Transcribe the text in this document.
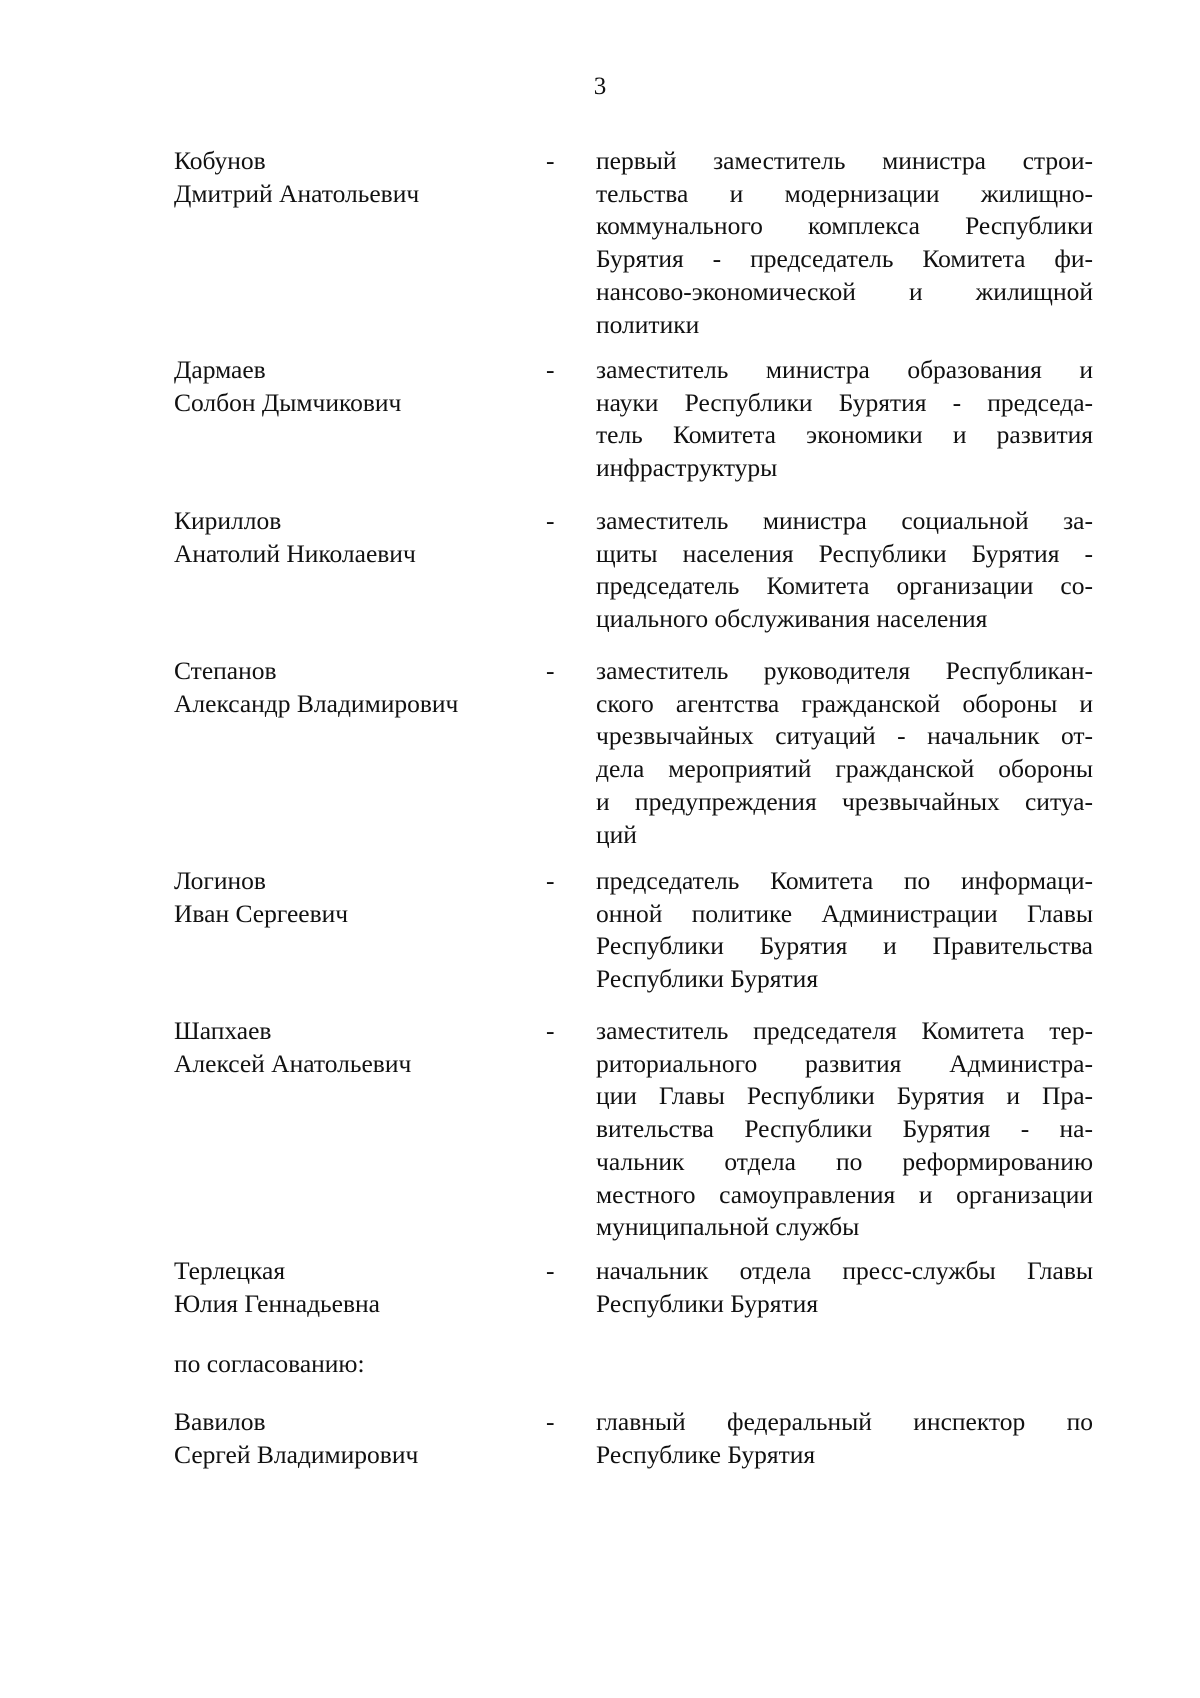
3
Кобунов
Дмитрий Анатольевич
-	первый заместитель министра строи-
тельства и модернизации жилищно-
коммунального комплекса Республики
Бурятия - председатель Комитета фи-
нансово-экономической и жилищной
политики
Дармаев
Солбон Дымчикович
-	заместитель министра образования и
науки Республики Бурятия - председа-
тель Комитета экономики и развития
инфраструктуры
Кириллов
Анатолий Николаевич
-	заместитель министра социальной за-
щиты населения Республики Бурятия -
председатель Комитета организации со-
циального обслуживания населения
Степанов
Александр Владимирович
-	заместитель руководителя Республикан-
ского агентства гражданской обороны и
чрезвычайных ситуаций - начальник от-
дела мероприятий гражданской обороны
и предупреждения чрезвычайных ситуа-
ций
Логинов
Иван Сергеевич
-	председатель Комитета по информаци-
онной политике Администрации Главы
Республики Бурятия и Правительства
Республики Бурятия
Шапхаев
Алексей Анатольевич
-	заместитель председателя Комитета тер-
риториального развития Администра-
ции Главы Республики Бурятия и Пра-
вительства Республики Бурятия - на-
чальник отдела по реформированию
местного самоуправления и организации
муниципальной службы
Терлецкая
Юлия Геннадьевна
-	начальник отдела пресс-службы Главы
Республики Бурятия
по согласованию:
Вавилов
Сергей Владимирович
-	главный федеральный инспектор по
Республике Бурятия
